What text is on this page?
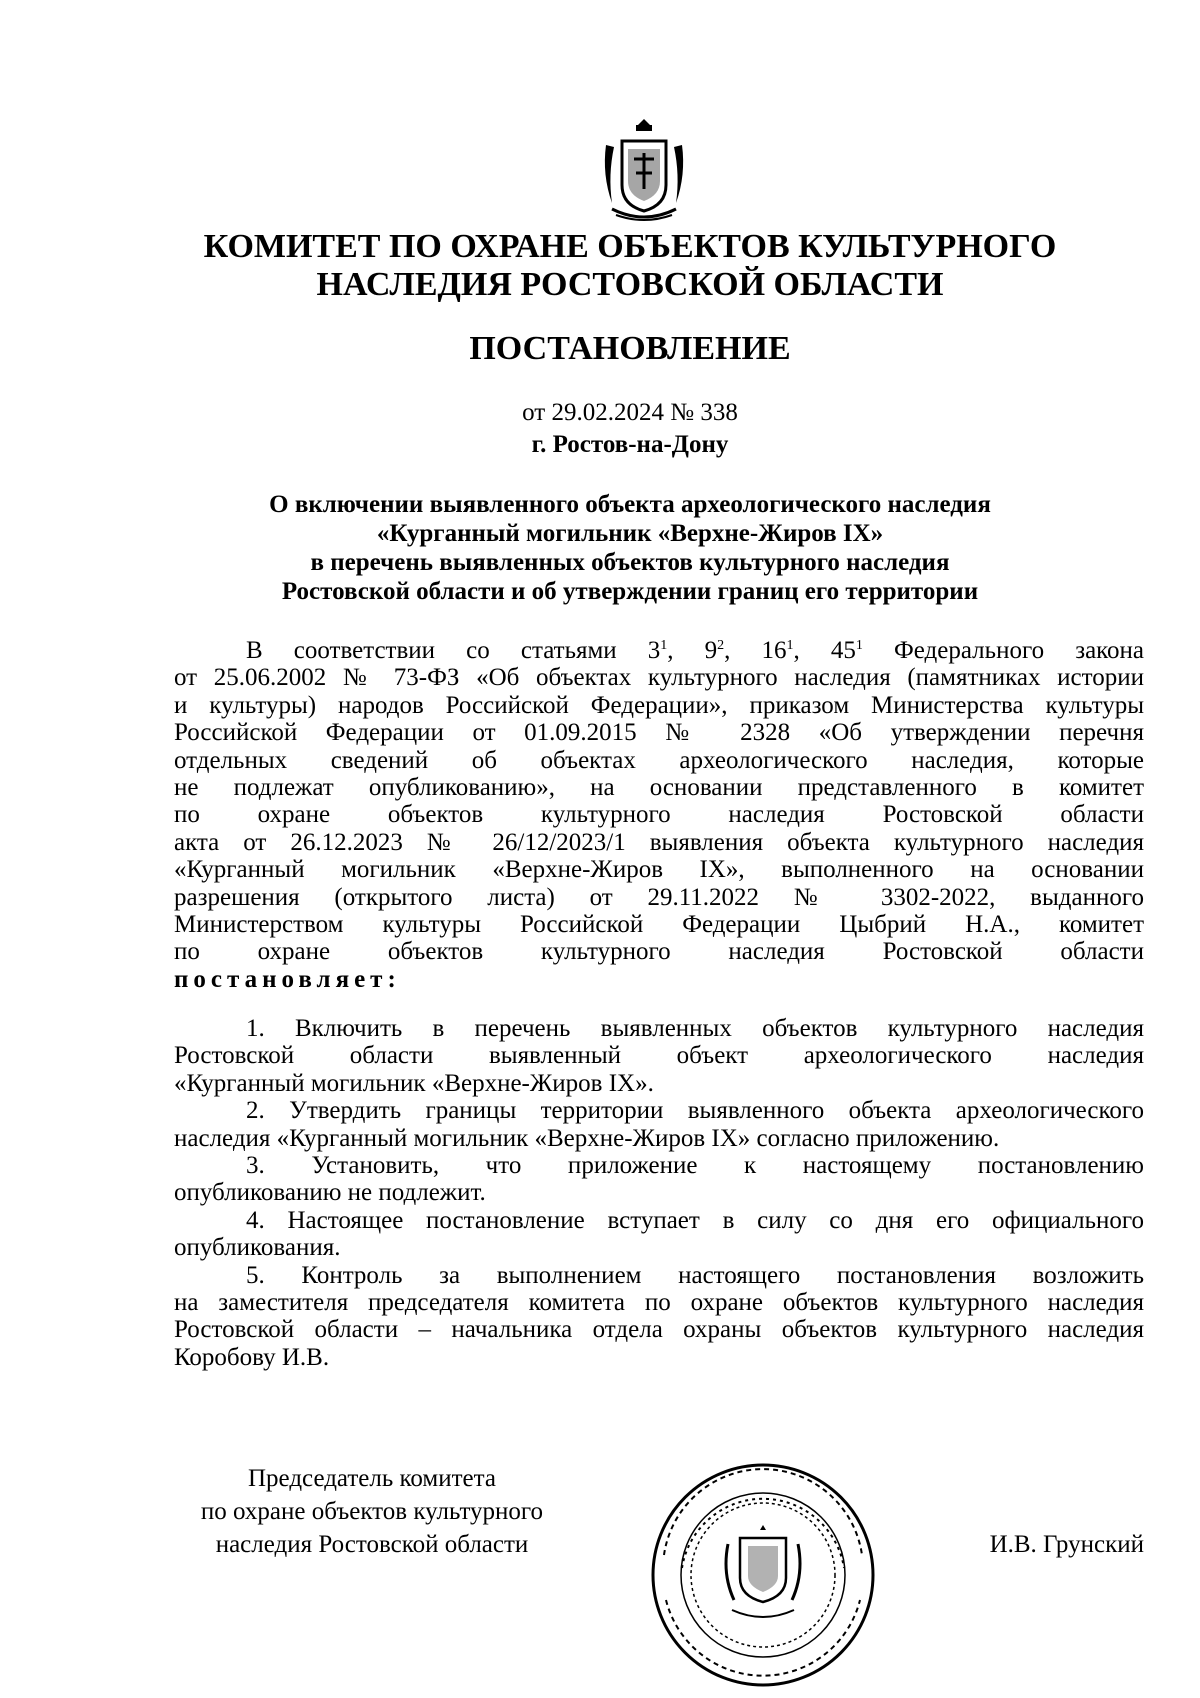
КОМИТЕТ ПО ОХРАНЕ ОБЪЕКТОВ КУЛЬТУРНОГО
НАСЛЕДИЯ РОСТОВСКОЙ ОБЛАСТИ
ПОСТАНОВЛЕНИЕ
от 29.02.2024 № 338
г. Ростов-на-Дону
О включении выявленного объекта археологического наследия
«Курганный могильник «Верхне-Жиров IX»
в перечень выявленных объектов культурного наследия
Ростовской области и об утверждении границ его территории
В соответствии со статьями $3^1$, $9^2$, $16^1$, $45^1$ Федерального закона
от 25.06.2002 № 73-ФЗ «Об объектах культурного наследия (памятниках истории
и культуры) народов Российской Федерации», приказом Министерства культуры
Российской Федерации от 01.09.2015 № 2328 «Об утверждении перечня
отдельных сведений об объектах археологического наследия, которые
не подлежат опубликованию», на основании представленного в комитет
по охране объектов культурного наследия Ростовской области
акта от 26.12.2023 № 26/12/2023/1 выявления объекта культурного наследия
«Курганный могильник «Верхне-Жиров IX», выполненного на основании
разрешения (открытого листа) от 29.11.2022 № 3302-2022, выданного
Министерством культуры Российской Федерации Цыбрий Н.А., комитет
по охране объектов культурного наследия Ростовской области
постановляет:
1. Включить в перечень выявленных объектов культурного наследия
Ростовской области выявленный объект археологического наследия
«Курганный могильник «Верхне-Жиров IX».
2. Утвердить границы территории выявленного объекта археологического
наследия «Курганный могильник «Верхне-Жиров IX» согласно приложению.
3. Установить, что приложение к настоящему постановлению
опубликованию не подлежит.
4. Настоящее постановление вступает в силу со дня его официального
опубликования.
5. Контроль за выполнением настоящего постановления возложить
на заместителя председателя комитета по охране объектов культурного наследия
Ростовской области – начальника отдела охраны объектов культурного наследия
Коробову И.В.
Председатель комитета
по охране объектов культурного
наследия Ростовской области	И.В. Грунский
